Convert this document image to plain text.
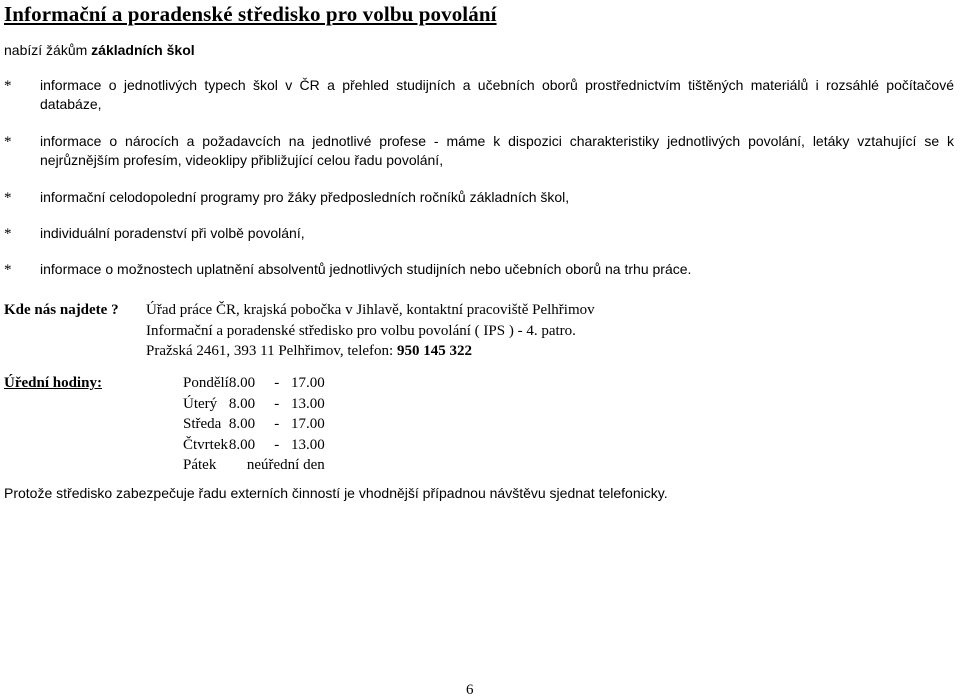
Informační a poradenské středisko pro volbu povolání
nabízí žákům základních škol
* informace o jednotlivých typech škol v ČR a přehled studijních a učebních oborů prostřednictvím tištěných materiálů i rozsáhlé počítačové databáze,
* informace o nárocích a požadavcích na jednotlivé profese - máme k dispozici charakteristiky jednotlivých povolání, letáky vztahující se k nejrůznějším profesím, videoklipy přibližující celou řadu povolání,
* informační celodopolední programy pro žáky předposledních ročníků základních škol,
* individuální poradenství při volbě povolání,
* informace o možnostech uplatnění absolventů jednotlivých studijních nebo učebních oborů na trhu práce.
Kde nás najdete ? Úřad práce ČR, krajská pobočka v Jihlavě, kontaktní pracoviště Pelhřimov
Informační a poradenské středisko pro volbu povolání ( IPS ) - 4. patro.
Pražská 2461, 393 11 Pelhřimov, telefon: 950 145 322
Úřední hodiny:	Pondělí	8.00	-	17.00
Úterý	8.00	-	13.00
Středa	8.00	-	17.00
Čtvrtek	8.00	-	13.00
Pátek	neúřední den		
Protože středisko zabezpečuje řadu externích činností je vhodnější případnou návštěvu sjednat telefonicky.
6
